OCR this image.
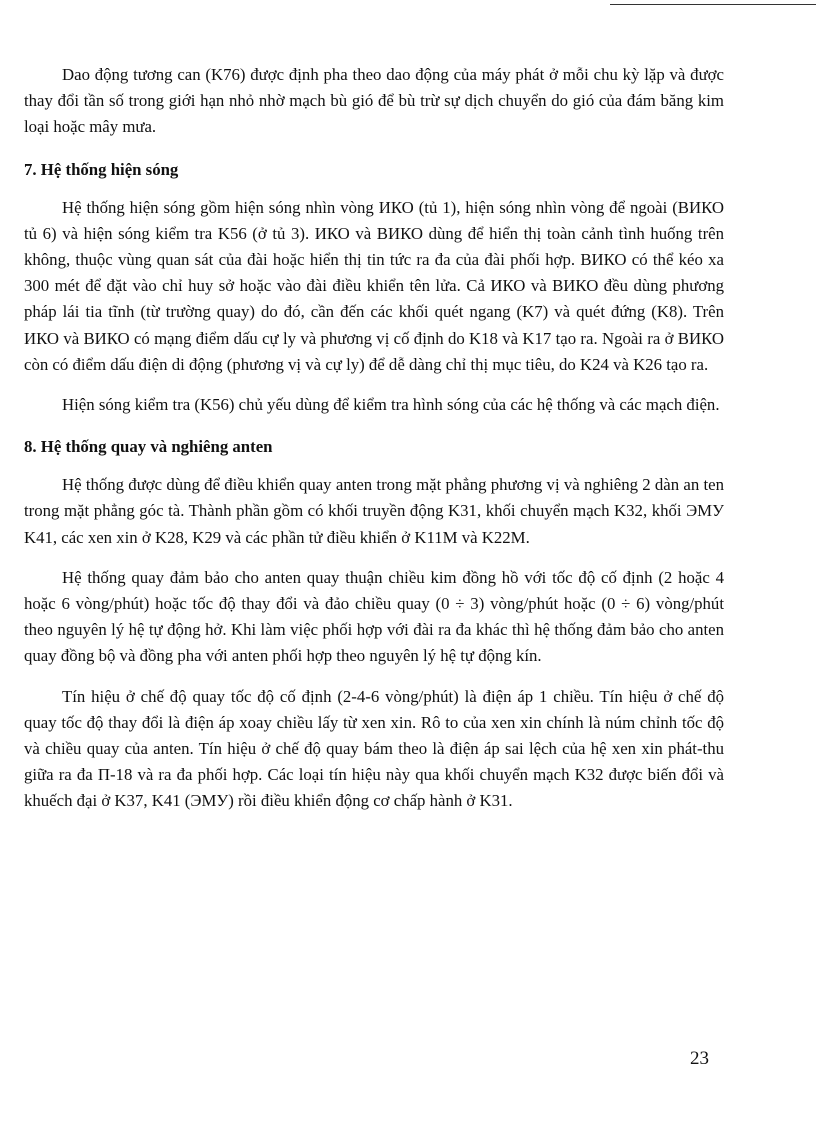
Dao động tương can (K76) được định pha theo dao động của máy phát ở mỗi chu kỳ lặp và được thay đổi tần số trong giới hạn nhỏ nhờ mạch bù gió để bù trừ sự dịch chuyển do gió của đám băng kim loại hoặc mây mưa.

7. Hệ thống hiện sóng

Hệ thống hiện sóng gồm hiện sóng nhìn vòng ИКО (tủ 1), hiện sóng nhìn vòng để ngoài (ВИКО tủ 6) và hiện sóng kiểm tra K56 (ở tủ 3). ИКО và ВИКО dùng để hiển thị toàn cảnh tình huống trên không, thuộc vùng quan sát của đài hoặc hiển thị tin tức ra đa của đài phối hợp. ВИКО có thể kéo xa 300 mét để đặt vào chỉ huy sở hoặc vào đài điều khiển tên lửa. Cả ИКО và ВИКО đều dùng phương pháp lái tia tĩnh (từ trường quay) do đó, cần đến các khối quét ngang (K7) và quét đứng (K8). Trên ИКО và ВИКО có mạng điểm dấu cự ly và phương vị cố định do K18 và K17 tạo ra. Ngoài ra ở ВИКО còn có điểm dấu điện di động (phương vị và cự ly) để dễ dàng chỉ thị mục tiêu, do K24 và K26 tạo ra.

Hiện sóng kiểm tra (K56) chủ yếu dùng để kiểm tra hình sóng của các hệ thống và các mạch điện.

8. Hệ thống quay và nghiêng anten

Hệ thống được dùng để điều khiển quay anten trong mặt phẳng phương vị và nghiêng 2 dàn an ten trong mặt phẳng góc tà. Thành phần gồm có khối truyền động K31, khối chuyển mạch K32, khối ЭМУ K41, các xen xin ở K28, K29 và các phần tử điều khiển ở K11M và K22M.

Hệ thống quay đảm bảo cho anten quay thuận chiều kim đồng hồ với tốc độ cố định (2 hoặc 4 hoặc 6 vòng/phút) hoặc tốc độ thay đổi và đảo chiều quay (0 ÷ 3) vòng/phút hoặc (0 ÷ 6) vòng/phút theo nguyên lý hệ tự động hở. Khi làm việc phối hợp với đài ra đa khác thì hệ thống đảm bảo cho anten quay đồng bộ và đồng pha với anten phối hợp theo nguyên lý hệ tự động kín.

Tín hiệu ở chế độ quay tốc độ cố định (2-4-6 vòng/phút) là điện áp 1 chiều. Tín hiệu ở chế độ quay tốc độ thay đổi là điện áp xoay chiều lấy từ xen xin. Rô to của xen xin chính là núm chỉnh tốc độ và chiều quay của anten. Tín hiệu ở chế độ quay bám theo là điện áp sai lệch của hệ xen xin phát-thu giữa ra đa П-18 và ra đa phối hợp. Các loại tín hiệu này qua khối chuyển mạch K32 được biến đổi và khuếch đại ở K37, K41 (ЭМУ) rồi điều khiển động cơ chấp hành ở K31.

23
